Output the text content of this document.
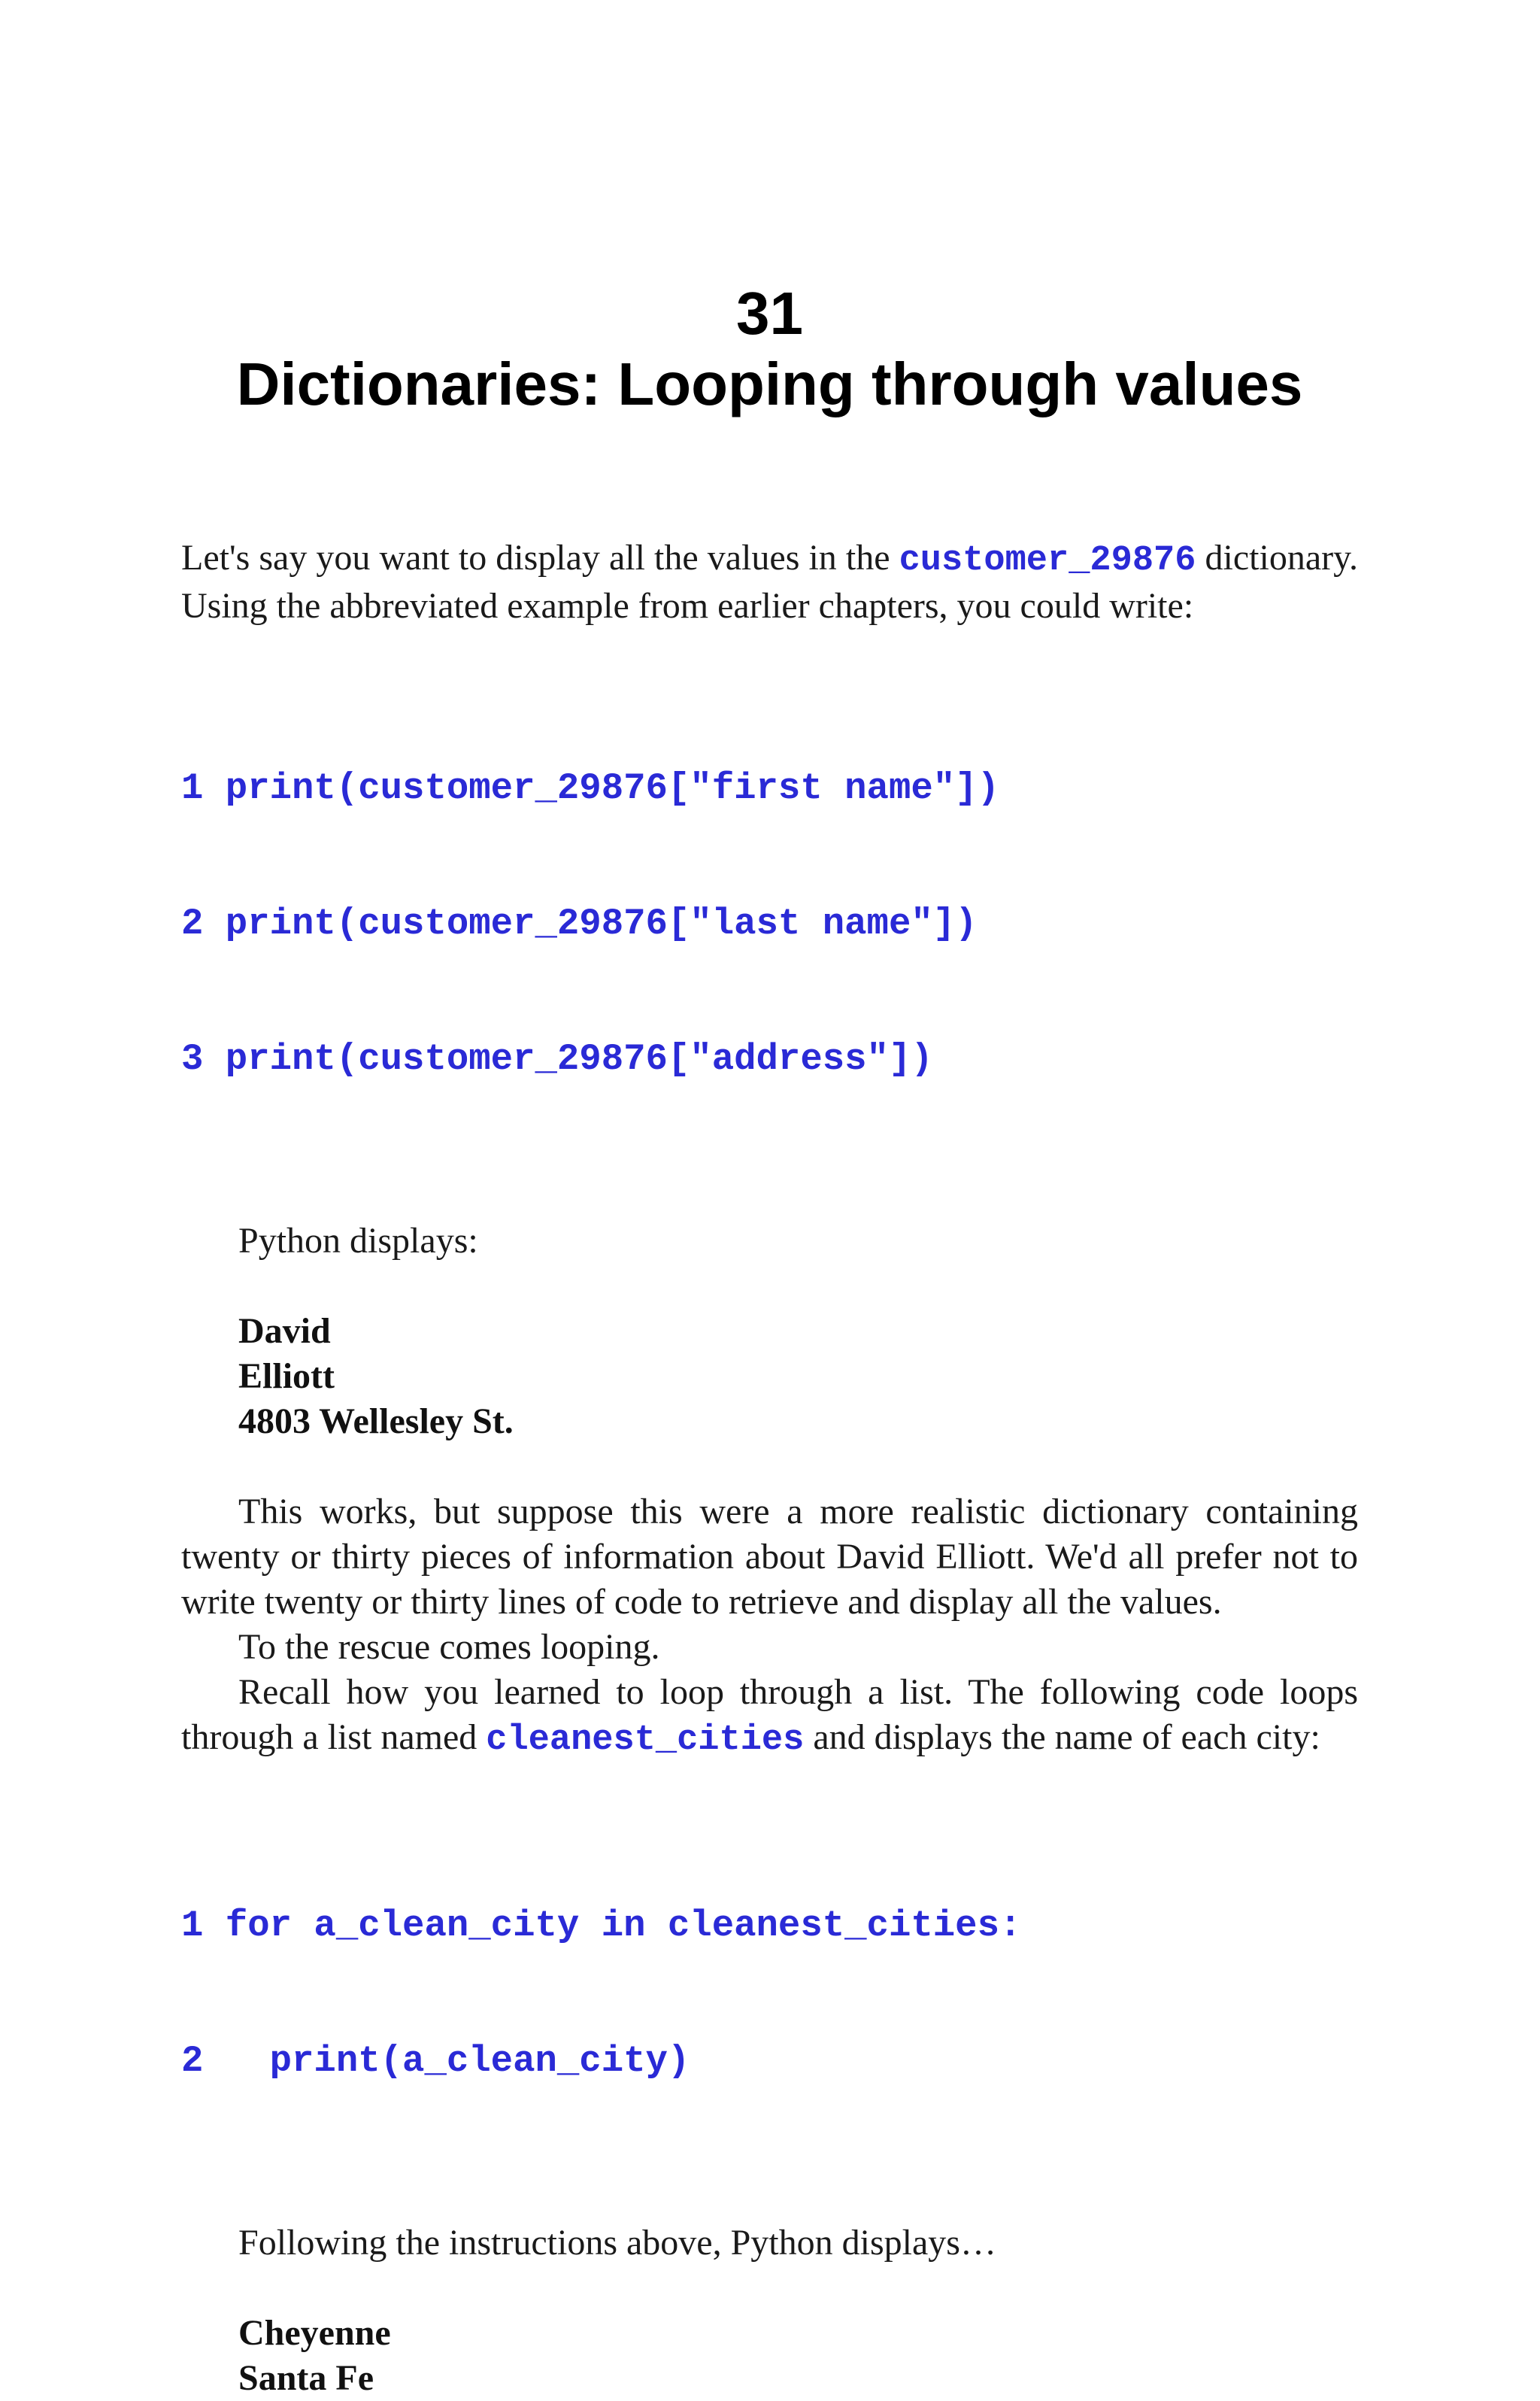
31
Dictionaries: Looping through values

Let's say you want to display all the values in the customer_29876 dictionary. Using the abbreviated example from earlier chapters, you could write:

1 print(customer_29876["first name"])

2 print(customer_29876["last name"])

3 print(customer_29876["address"])

Python displays:

David
Elliott
4803 Wellesley St.

This works, but suppose this were a more realistic dictionary containing twenty or thirty pieces of information about David Elliott. We'd all prefer not to write twenty or thirty lines of code to retrieve and display all the values.

To the rescue comes looping.

Recall how you learned to loop through a list. The following code loops through a list named cleanest_cities and displays the name of each city:

1 for a_clean_city in cleanest_cities:

2   print(a_clean_city)

Following the instructions above, Python displays…

Cheyenne
Santa Fe
